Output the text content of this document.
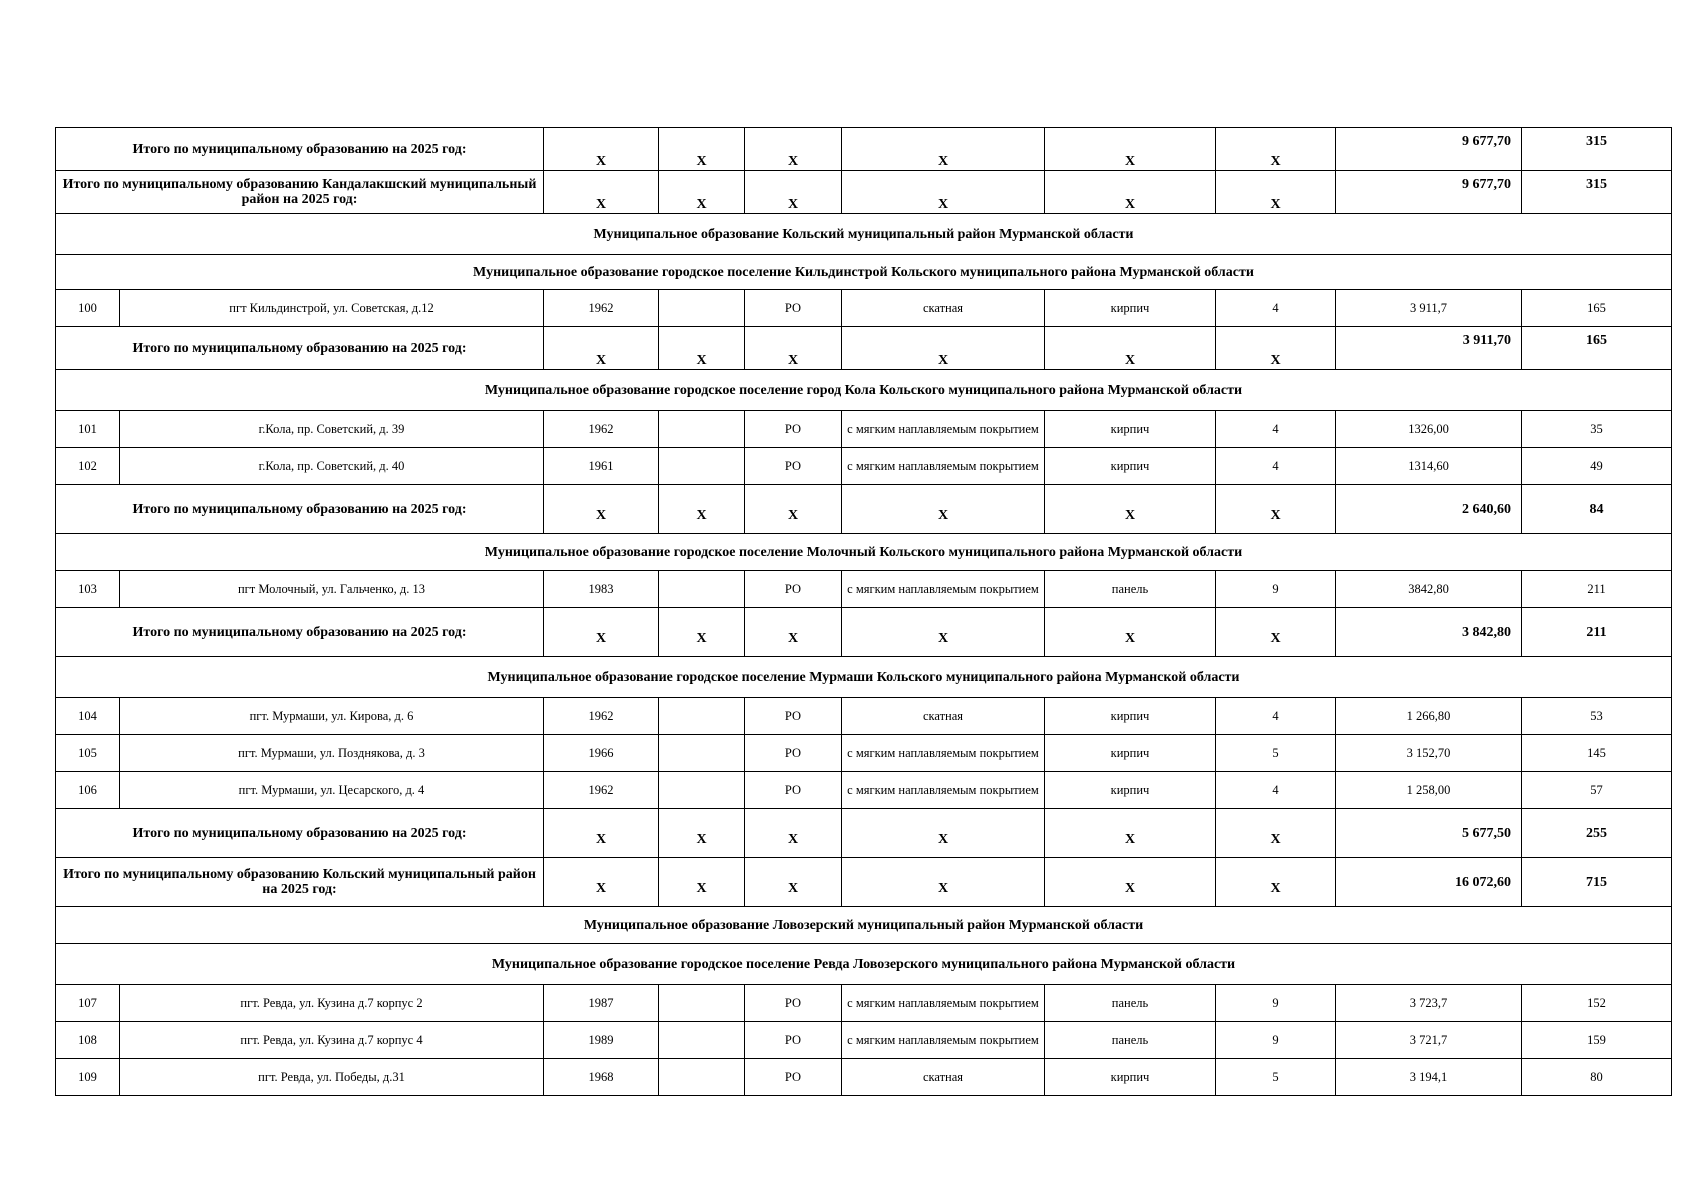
Итого по муниципальному образованию на 2025 год:		X	X	X	X	X	X	9 677,70	315
Итого по муниципальному образованию Кандалакшский муниципальный район на 2025 год:		X	X	X	X	X	X	9 677,70	315
Муниципальное образование Кольский муниципальный район Мурманской области									
Муниципальное образование городское поселение Кильдинстрой Кольского муниципального района Мурманской области									
100	пгт Кильдинстрой, ул. Советская, д.12	1962		РО	скатная	кирпич	4	3 911,7	165
Итого по муниципальному образованию на 2025 год:		X	X	X	X	X	X	3 911,70	165
Муниципальное образование городское поселение город Кола Кольского муниципального района Мурманской области									
101	г.Кола, пр. Советский, д. 39	1962		РО	с мягким наплавляемым покрытием	кирпич	4	1326,00	35
102	г.Кола, пр. Советский, д. 40	1961		РО	с мягким наплавляемым покрытием	кирпич	4	1314,60	49
Итого по муниципальному образованию на 2025 год:		X	X	X	X	X	X	2 640,60	84
Муниципальное образование городское поселение Молочный Кольского муниципального района Мурманской области									
103	пгт Молочный, ул. Гальченко, д. 13	1983		РО	с мягким наплавляемым покрытием	панель	9	3842,80	211
Итого по муниципальному образованию на 2025 год:		X	X	X	X	X	X	3 842,80	211
Муниципальное образование городское поселение Мурмаши Кольского муниципального района Мурманской области									
104	пгт. Мурмаши, ул. Кирова, д. 6	1962		РО	скатная	кирпич	4	1 266,80	53
105	пгт. Мурмаши, ул. Позднякова, д. 3	1966		РО	с мягким наплавляемым покрытием	кирпич	5	3 152,70	145
106	пгт. Мурмаши, ул. Цесарского, д. 4	1962		РО	с мягким наплавляемым покрытием	кирпич	4	1 258,00	57
Итого по муниципальному образованию на 2025 год:		X	X	X	X	X	X	5 677,50	255
Итого по муниципальному образованию Кольский муниципальный район на 2025 год:		X	X	X	X	X	X	16 072,60	715
Муниципальное образование Ловозерский муниципальный район Мурманской области									
Муниципальное образование городское поселение Ревда Ловозерского муниципального района Мурманской области									
107	пгт. Ревда, ул. Кузина д.7 корпус 2	1987		РО	с мягким наплавляемым покрытием	панель	9	3 723,7	152
108	пгт. Ревда, ул. Кузина д.7 корпус 4	1989		РО	с мягким наплавляемым покрытием	панель	9	3 721,7	159
109	пгт. Ревда, ул. Победы, д.31	1968		РО	скатная	кирпич	5	3 194,1	80
